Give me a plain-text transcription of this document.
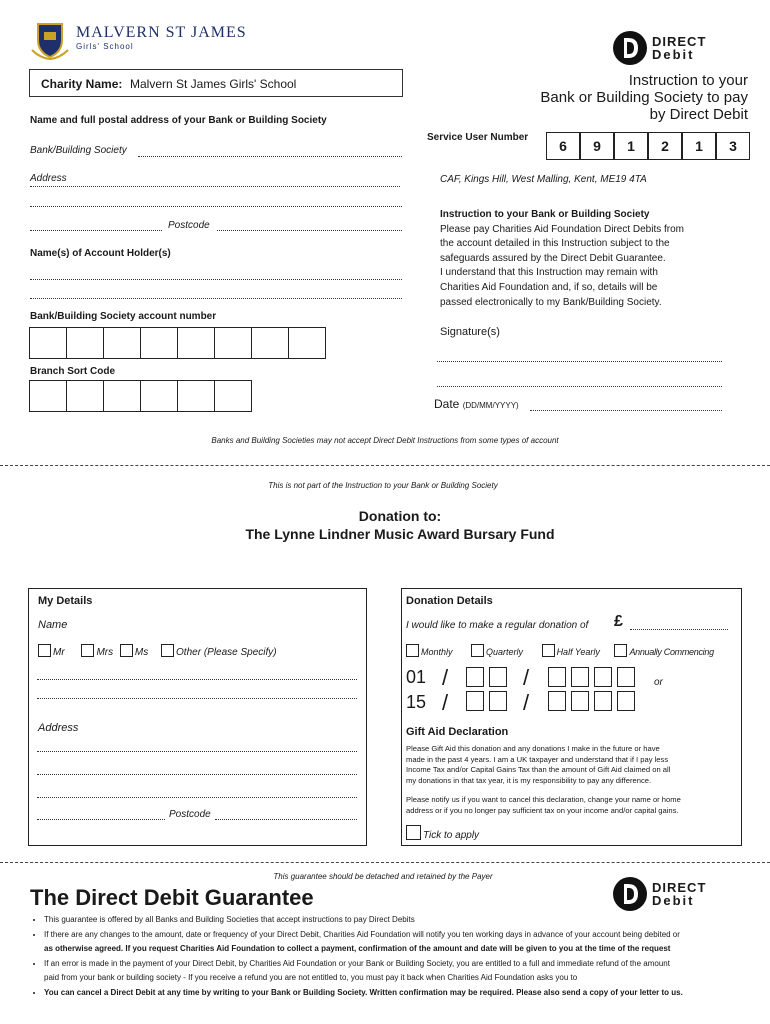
MALVERN ST JAMES
Girls' School	DIRECT
Debit
Charity Name: Malvern St James Girls' School	Instruction to your
Bank or Building Society to pay
by Direct Debit
Name and full postal address of your Bank or Building Society
Bank/Building Society
Address
Postcode
Name(s) of Account Holder(s)
Bank/Building Society account number
Branch Sort Code
Service User Number
6	9	1	2	1	3
CAF, Kings Hill, West Malling, Kent, ME19 4TA
Instruction to your Bank or Building Society
Please pay Charities Aid Foundation Direct Debits from
the account detailed in this Instruction subject to the
safeguards assured by the Direct Debit Guarantee.
I understand that this Instruction may remain with
Charities Aid Foundation and, if so, details will be
passed electronically to my Bank/Building Society.
Signature(s)
Date (DD/MM/YYYY)
Banks and Building Societies may not accept Direct Debit Instructions from some types of account
This is not part of the Instruction to your Bank or Building Society
Donation to:
The Lynne Lindner Music Award Bursary Fund
My Details
Name
Mr	Mrs Ms	Other (Please Specify)
Address
Postcode
Donation Details
I would like to make a regular donation of £
Monthly	Quarterly	Half Yearly	Annually Commencing
01 /	/	or
15 /	/
Gift Aid Declaration
Please Gift Aid this donation and any donations I make in the future or have
made in the past 4 years. I am a UK taxpayer and understand that if I pay less
Income Tax and/or Capital Gains Tax than the amount of Gift Aid claimed on all
my donations in that tax year, it is my responsibility to pay any difference.
Please notify us if you want to cancel this declaration, change your name or home
address or if you no longer pay sufficient tax on your income and/or capital gains.
Tick to apply
This guarantee should be detached and retained by the Payer
The Direct Debit Guarantee	DIRECT
Debit
• This guarantee is offered by all Banks and Building Societies that accept instructions to pay Direct Debits
• If there are any changes to the amount, date or frequency of your Direct Debit, Charities Aid Foundation will notify you ten working days in advance of your account being debited or
as otherwise agreed. If you request Charities Aid Foundation to collect a payment, confirmation of the amount and date will be given to you at the time of the request
• If an error is made in the payment of your Direct Debit, by Charities Aid Foundation or your Bank or Building Society, you are entitled to a full and immediate refund of the amount
paid from your bank or building society - If you receive a refund you are not entitled to, you must pay it back when Charities Aid Foundation asks you to
• You can cancel a Direct Debit at any time by writing to your Bank or Building Society. Written confirmation may be required. Please also send a copy of your letter to us.
